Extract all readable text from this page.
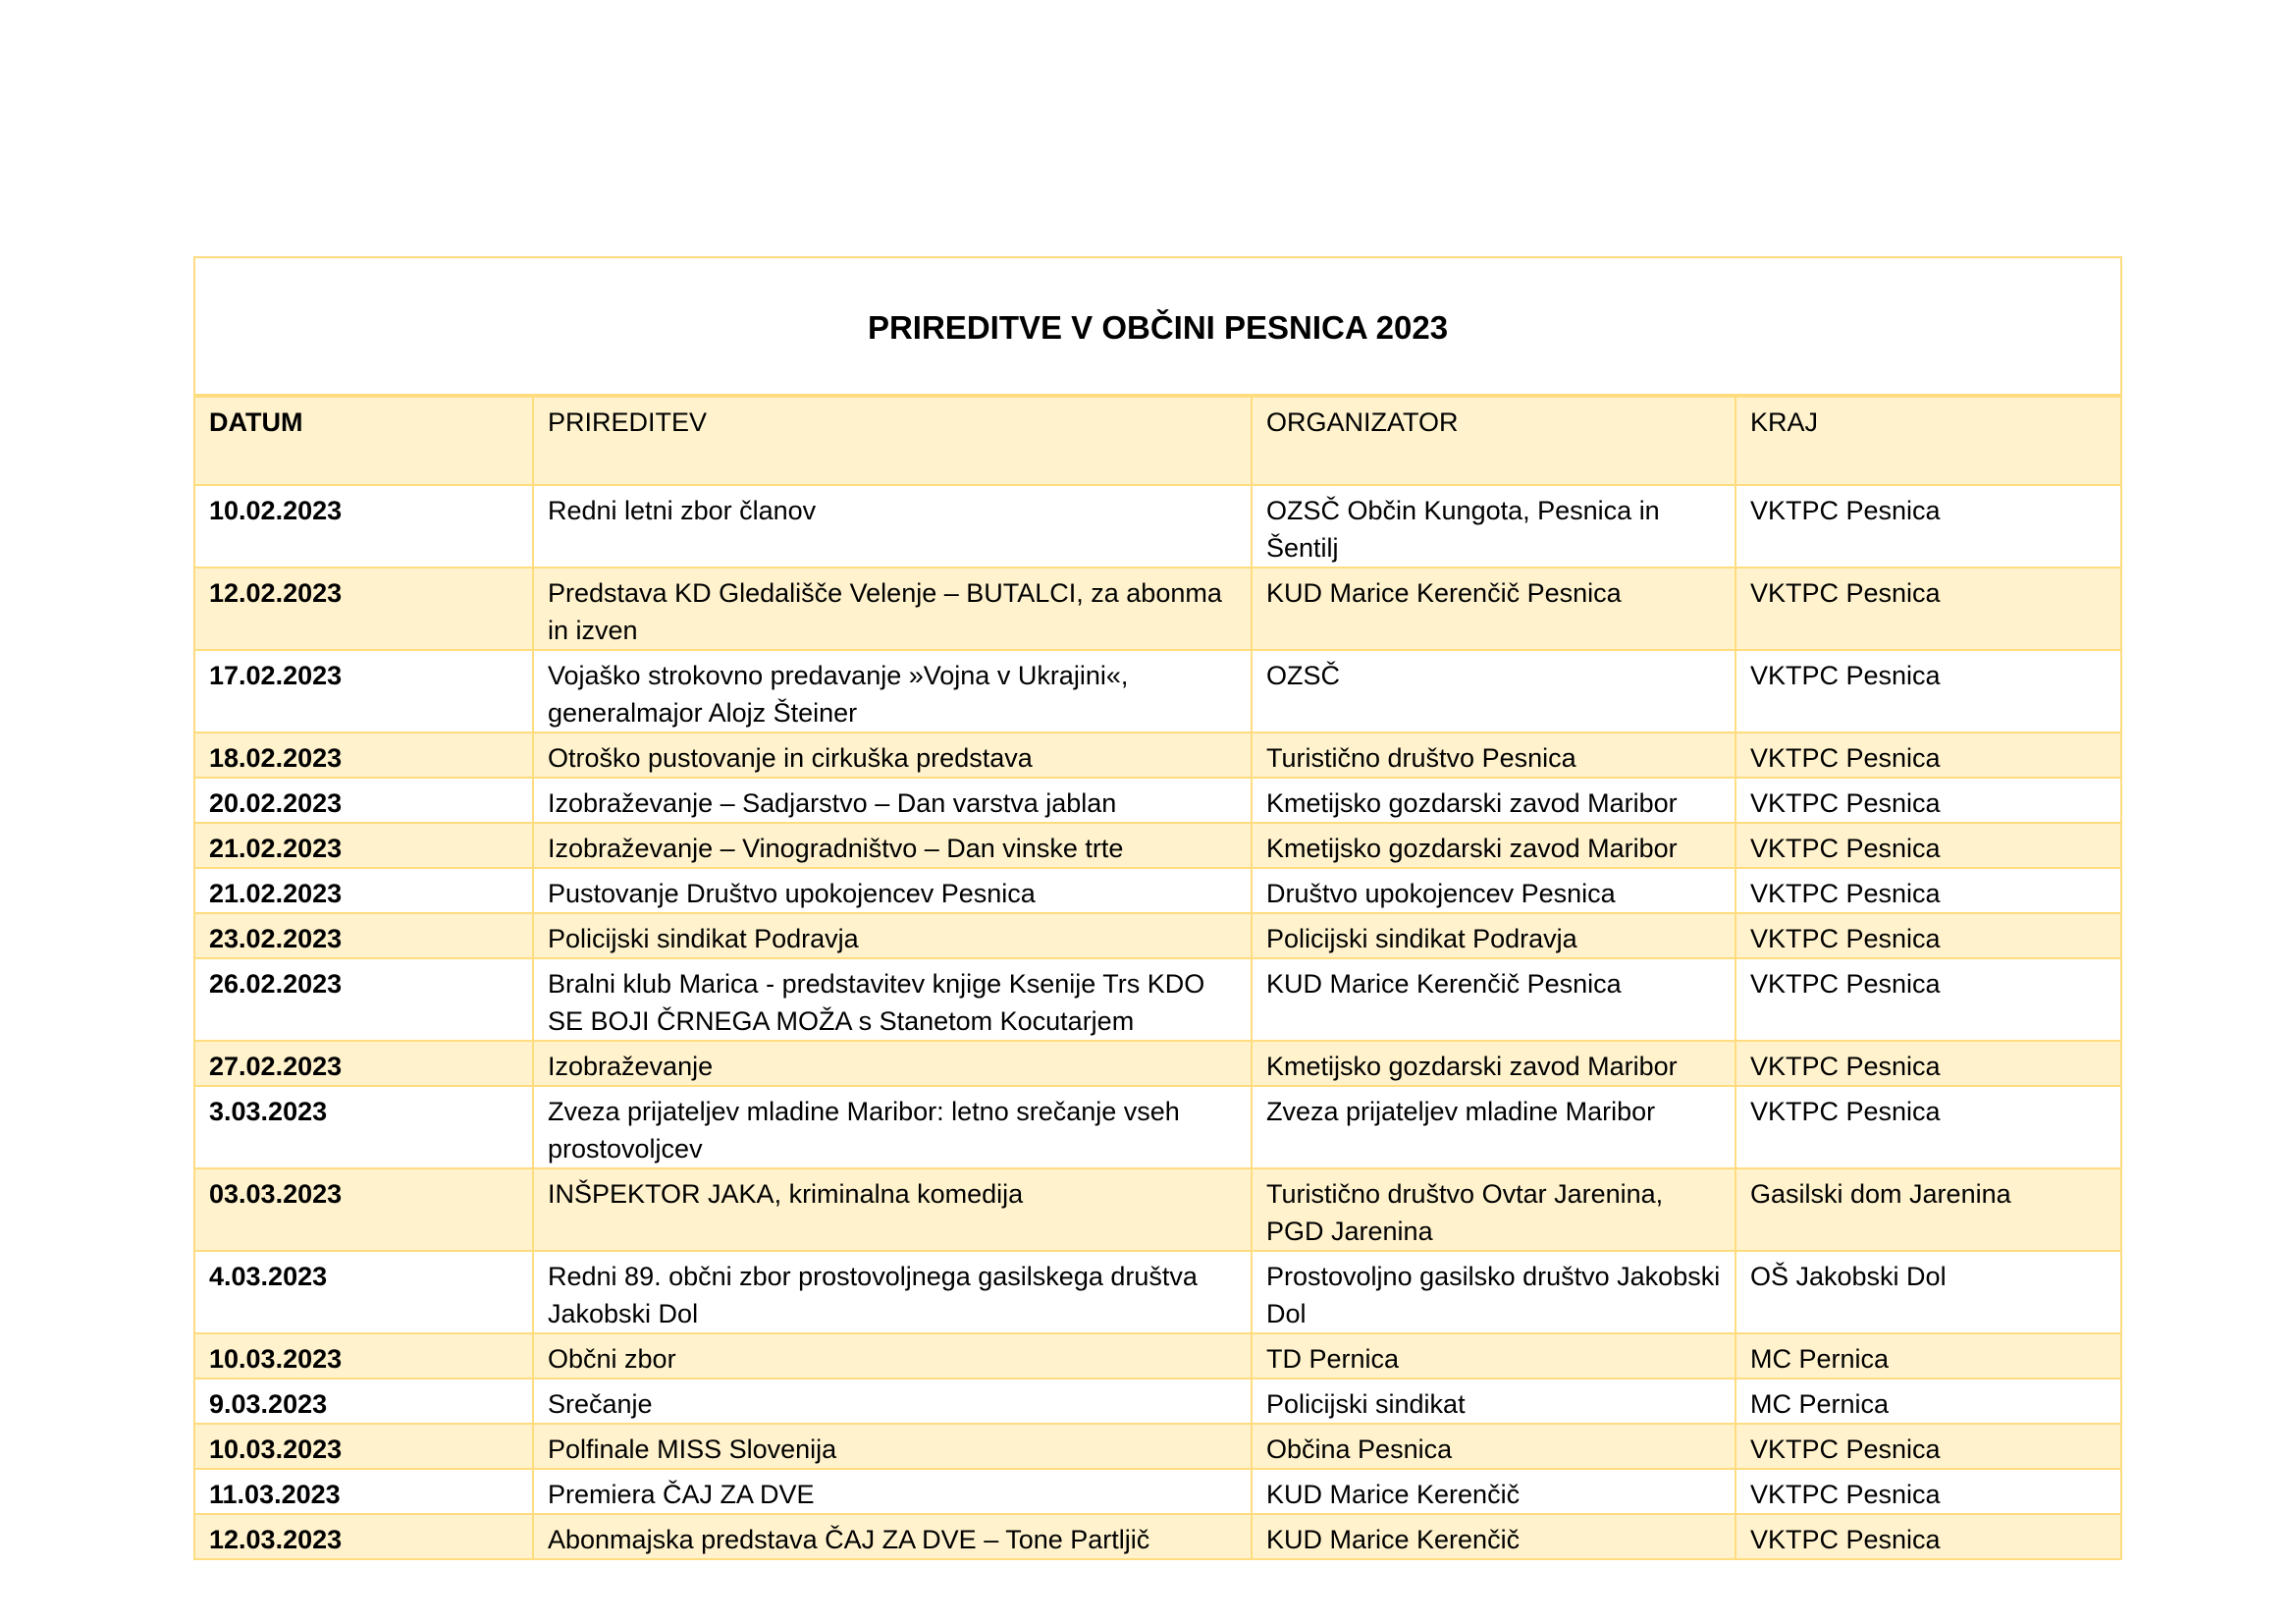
PRIREDITVE V OBČINI PESNICA 2023			
DATUM	PRIREDITEV	ORGANIZATOR	KRAJ
10.02.2023	Redni letni zbor članov	OZSČ Občin Kungota, Pesnica in Šentilj	VKTPC Pesnica
12.02.2023	Predstava KD Gledališče Velenje – BUTALCI, za abonma in izven	KUD Marice Kerenčič Pesnica	VKTPC Pesnica
17.02.2023	Vojaško strokovno predavanje »Vojna v Ukrajini«, generalmajor Alojz Šteiner	OZSČ	VKTPC Pesnica
18.02.2023	Otroško pustovanje in cirkuška predstava	Turistično društvo Pesnica	VKTPC Pesnica
20.02.2023	Izobraževanje – Sadjarstvo – Dan varstva jablan	Kmetijsko gozdarski zavod Maribor	VKTPC Pesnica
21.02.2023	Izobraževanje – Vinogradništvo – Dan vinske trte	Kmetijsko gozdarski zavod Maribor	VKTPC Pesnica
21.02.2023	Pustovanje Društvo upokojencev Pesnica	Društvo upokojencev Pesnica	VKTPC Pesnica
23.02.2023	Policijski sindikat Podravja	Policijski sindikat Podravja	VKTPC Pesnica
26.02.2023	Bralni klub Marica - predstavitev knjige Ksenije Trs KDO SE BOJI ČRNEGA MOŽA s Stanetom Kocutarjem	KUD Marice Kerenčič Pesnica	VKTPC Pesnica
27.02.2023	Izobraževanje	Kmetijsko gozdarski zavod Maribor	VKTPC Pesnica
3.03.2023	Zveza prijateljev mladine Maribor: letno srečanje vseh prostovoljcev	Zveza prijateljev mladine Maribor	VKTPC Pesnica
03.03.2023	INŠPEKTOR JAKA, kriminalna komedija	Turistično društvo Ovtar Jarenina, PGD Jarenina	Gasilski dom Jarenina
4.03.2023	Redni 89. občni zbor prostovoljnega gasilskega društva Jakobski Dol	Prostovoljno gasilsko društvo Jakobski Dol	OŠ Jakobski Dol
10.03.2023	Občni zbor	TD Pernica	MC Pernica
9.03.2023	Srečanje	Policijski sindikat	MC Pernica
10.03.2023	Polfinale MISS Slovenija	Občina Pesnica	VKTPC Pesnica
11.03.2023	Premiera ČAJ ZA DVE	KUD Marice Kerenčič	VKTPC Pesnica
12.03.2023	Abonmajska predstava ČAJ ZA DVE – Tone Partljič	KUD Marice Kerenčič	VKTPC Pesnica
